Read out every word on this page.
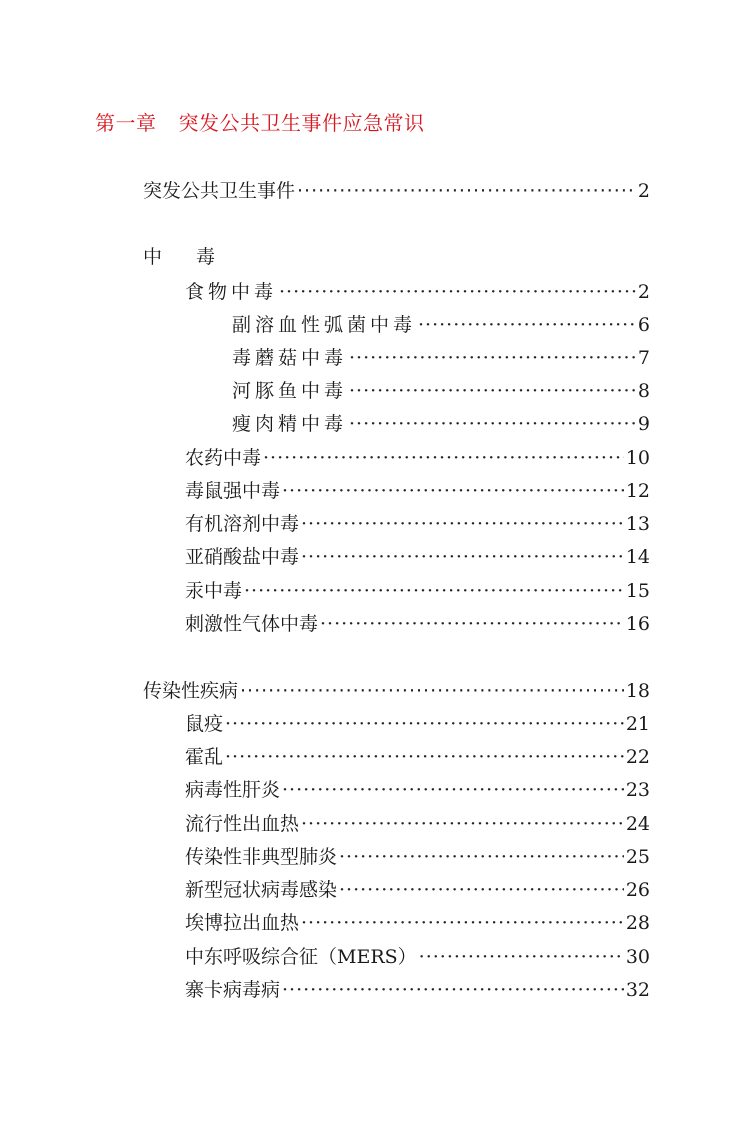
第一章 突发公共卫生事件应急常识
突发公共卫生事件 ·····	2
中 毒
食物中毒 ·····	2
副溶血性弧菌中毒 ·····	6
毒蘑菇中毒 ·····	7
河豚鱼中毒 ·····	8
瘦肉精中毒 ·····	9
农药中毒 ·····	10
毒鼠强中毒 ·····	12
有机溶剂中毒 ·····	13
亚硝酸盐中毒 ·····	14
汞中毒 ·····	15
刺激性气体中毒 ·····	16
传染性疾病 ·····	18
鼠疫 ·····	21
霍乱 ·····	22
病毒性肝炎 ·····	23
流行性出血热 ·····	24
传染性非典型肺炎 ·····	25
新型冠状病毒感染 ·····	26
埃博拉出血热 ·····	28
中东呼吸综合征（MERS） ·····	30
寨卡病毒病 ·····	32
